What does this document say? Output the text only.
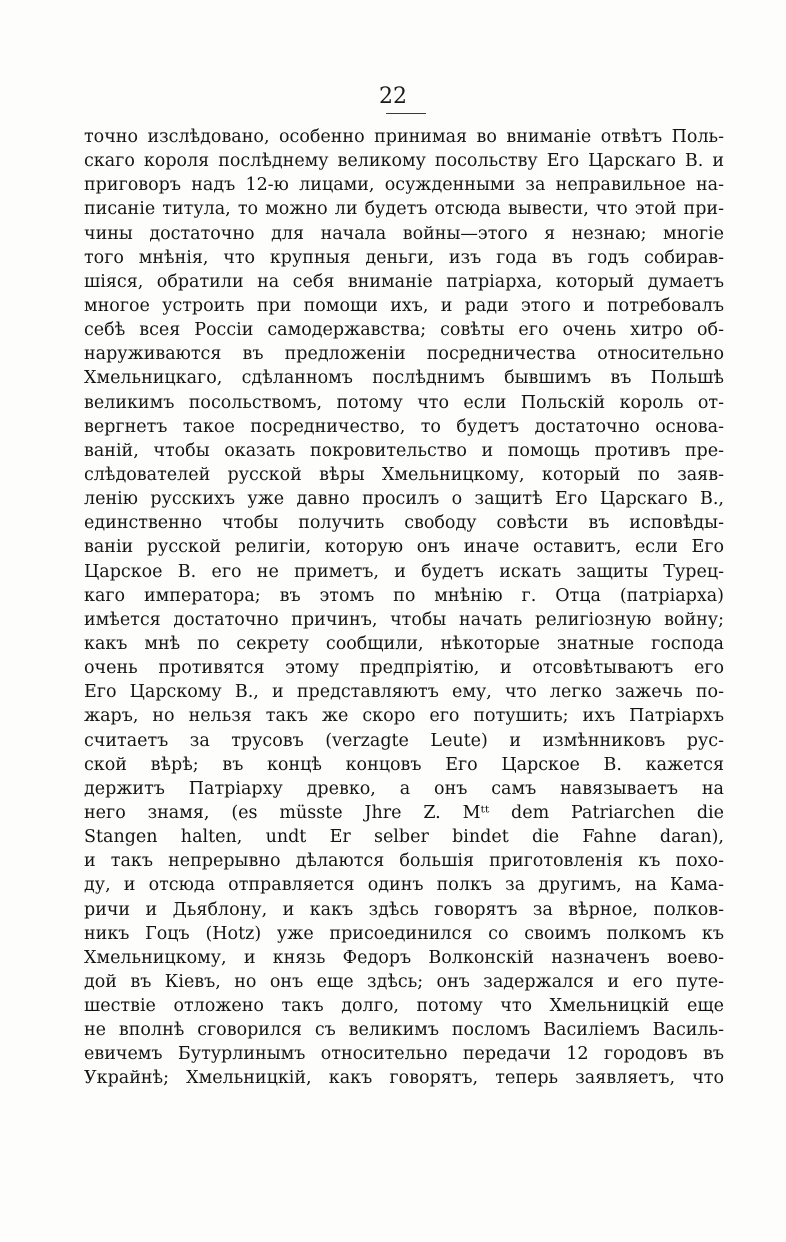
22
точно изслѣдовано, особенно принимая во вниманіе отвѣтъ Поль-
скаго короля послѣднему великому посольству Его Царскаго В. и
приговоръ надъ 12-ю лицами, осужденными за неправильное на-
писаніе титула, то можно ли будетъ отсюда вывести, что этой при-
чины достаточно для начала войны—этого я незнаю; многіе
того мнѣнія, что крупныя деньги, изъ года въ годъ собирав-
шіяся, обратили на себя вниманіе патріарха, который думаетъ
многое устроить при помощи ихъ, и ради этого и потребовалъ
себѣ всея Россіи самодержавства; совѣты его очень хитро об-
наруживаются въ предложеніи посредничества относительно
Хмельницкаго, сдѣланномъ послѣднимъ бывшимъ въ Польшѣ
великимъ посольствомъ, потому что если Польскій король от-
вергнетъ такое посредничество, то будетъ достаточно основа-
ваній, чтобы оказать покровительство и помощь противъ пре-
слѣдователей русской вѣры Хмельницкому, который по заяв-
ленію русскихъ уже давно просилъ о защитѣ Его Царскаго В.,
единственно чтобы получить свободу совѣсти въ исповѣды-
ваніи русской религіи, которую онъ иначе оставитъ, если Его
Царское В. его не приметъ, и будетъ искать защиты Турец-
каго императора; въ этомъ по мнѣнію г. Отца (патріарха)
имѣется достаточно причинъ, чтобы начать религіозную войну;
какъ мнѣ по секрету сообщили, нѣкоторые знатные господа
очень противятся этому предпріятію, и отсовѣтываютъ его
Его Царскому В., и представляютъ ему, что легко зажечь по-
жаръ, но нельзя такъ же скоро его потушить; ихъ Патріархъ
считаетъ за трусовъ (verzagte Leute) и измѣнниковъ рус-
ской вѣрѣ; въ концѣ концовъ Его Царское В. кажется
держитъ Патріарху древко, а онъ самъ навязываетъ на
него знамя, (es müsste Jhre Z. Mᵗᵗ dem Patriarchen die
Stangen halten, undt Er selber bindet die Fahne daran),
и такъ непрерывно дѣлаются большія приготовленія къ похо-
ду, и отсюда отправляется одинъ полкъ за другимъ, на Кама-
ричи и Дьяблону, и какъ здѣсь говорятъ за вѣрное, полков-
никъ Гоцъ (Hotz) уже присоединился со своимъ полкомъ къ
Хмельницкому, и князь Федоръ Волконскій назначенъ воево-
дой въ Кіевъ, но онъ еще здѣсь; онъ задержался и его путе-
шествіе отложено такъ долго, потому что Хмельницкій еще
не вполнѣ сговорился съ великимъ посломъ Василіемъ Василь-
евичемъ Бутурлинымъ относительно передачи 12 городовъ въ
Украйнѣ; Хмельницкій, какъ говорятъ, теперь заявляетъ, что
